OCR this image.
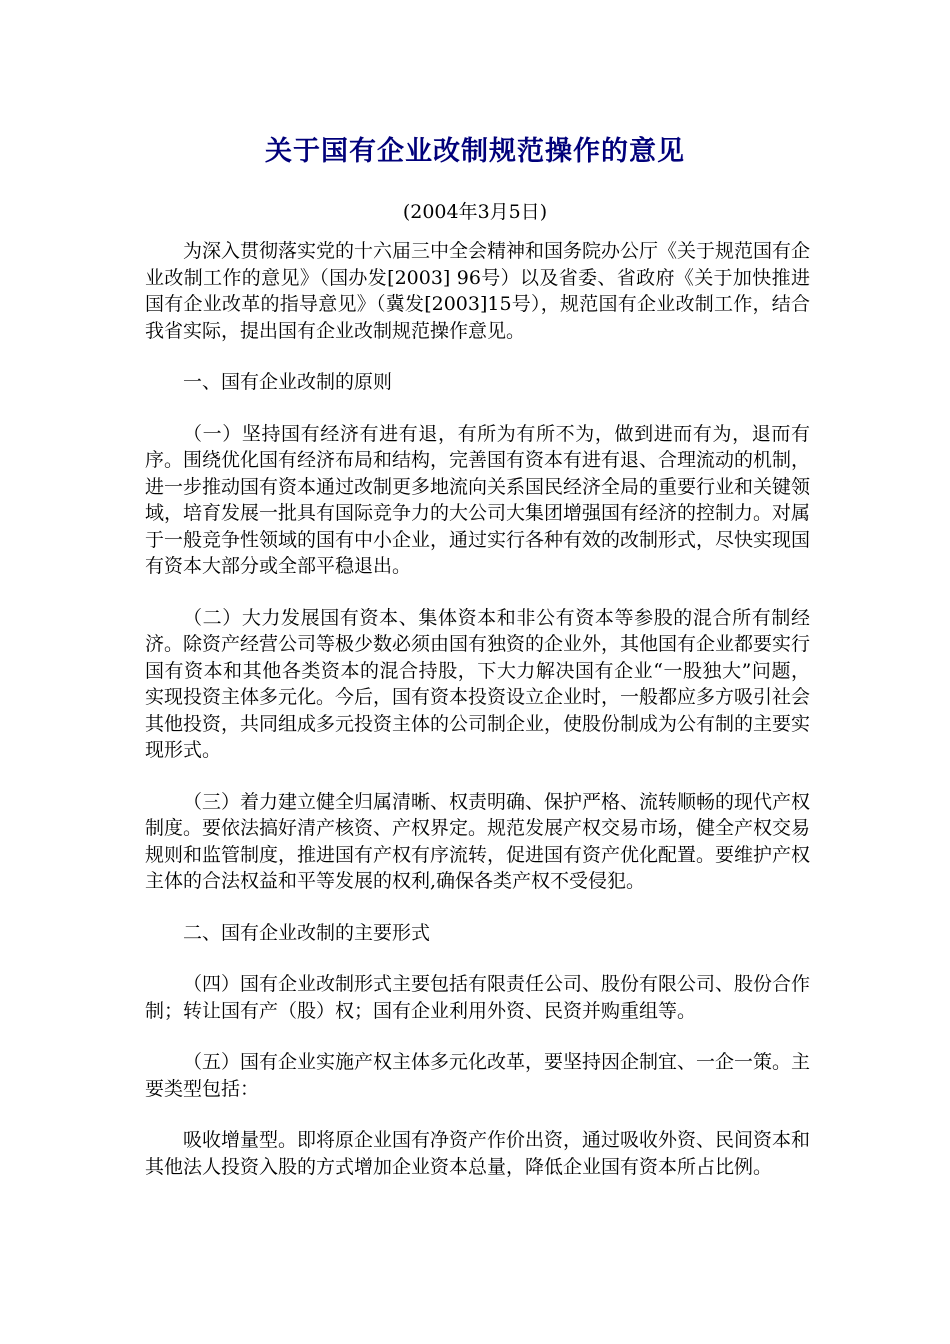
关于国有企业改制规范操作的意见
(2004年3月5日)

为深入贯彻落实党的十六届三中全会精神和国务院办公厅《关于规范国有企业改制工作的意见》（国办发[2003] 96号）以及省委、省政府《关于加快推进国有企业改革的指导意见》（冀发[2003]15号），规范国有企业改制工作，结合我省实际，提出国有企业改制规范操作意见。

一、国有企业改制的原则

（一）坚持国有经济有进有退，有所为有所不为，做到进而有为，退而有序。围绕优化国有经济布局和结构，完善国有资本有进有退、合理流动的机制，进一步推动国有资本通过改制更多地流向关系国民经济全局的重要行业和关键领域，培育发展一批具有国际竞争力的大公司大集团增强国有经济的控制力。对属于一般竞争性领域的国有中小企业，通过实行各种有效的改制形式，尽快实现国有资本大部分或全部平稳退出。

（二）大力发展国有资本、集体资本和非公有资本等参股的混合所有制经济。除资产经营公司等极少数必须由国有独资的企业外，其他国有企业都要实行国有资本和其他各类资本的混合持股，下大力解决国有企业“一股独大”问题，实现投资主体多元化。今后，国有资本投资设立企业时，一般都应多方吸引社会其他投资，共同组成多元投资主体的公司制企业，使股份制成为公有制的主要实现形式。

（三）着力建立健全归属清晰、权责明确、保护严格、流转顺畅的现代产权制度。要依法搞好清产核资、产权界定。规范发展产权交易市场，健全产权交易规则和监管制度，推进国有产权有序流转，促进国有资产优化配置。要维护产权主体的合法权益和平等发展的权利,确保各类产权不受侵犯。

二、国有企业改制的主要形式

（四）国有企业改制形式主要包括有限责任公司、股份有限公司、股份合作制；转让国有产（股）权；国有企业利用外资、民资并购重组等。

（五）国有企业实施产权主体多元化改革，要坚持因企制宜、一企一策。主要类型包括：

吸收增量型。即将原企业国有净资产作价出资，通过吸收外资、民间资本和其他法人投资入股的方式增加企业资本总量，降低企业国有资本所占比例。
